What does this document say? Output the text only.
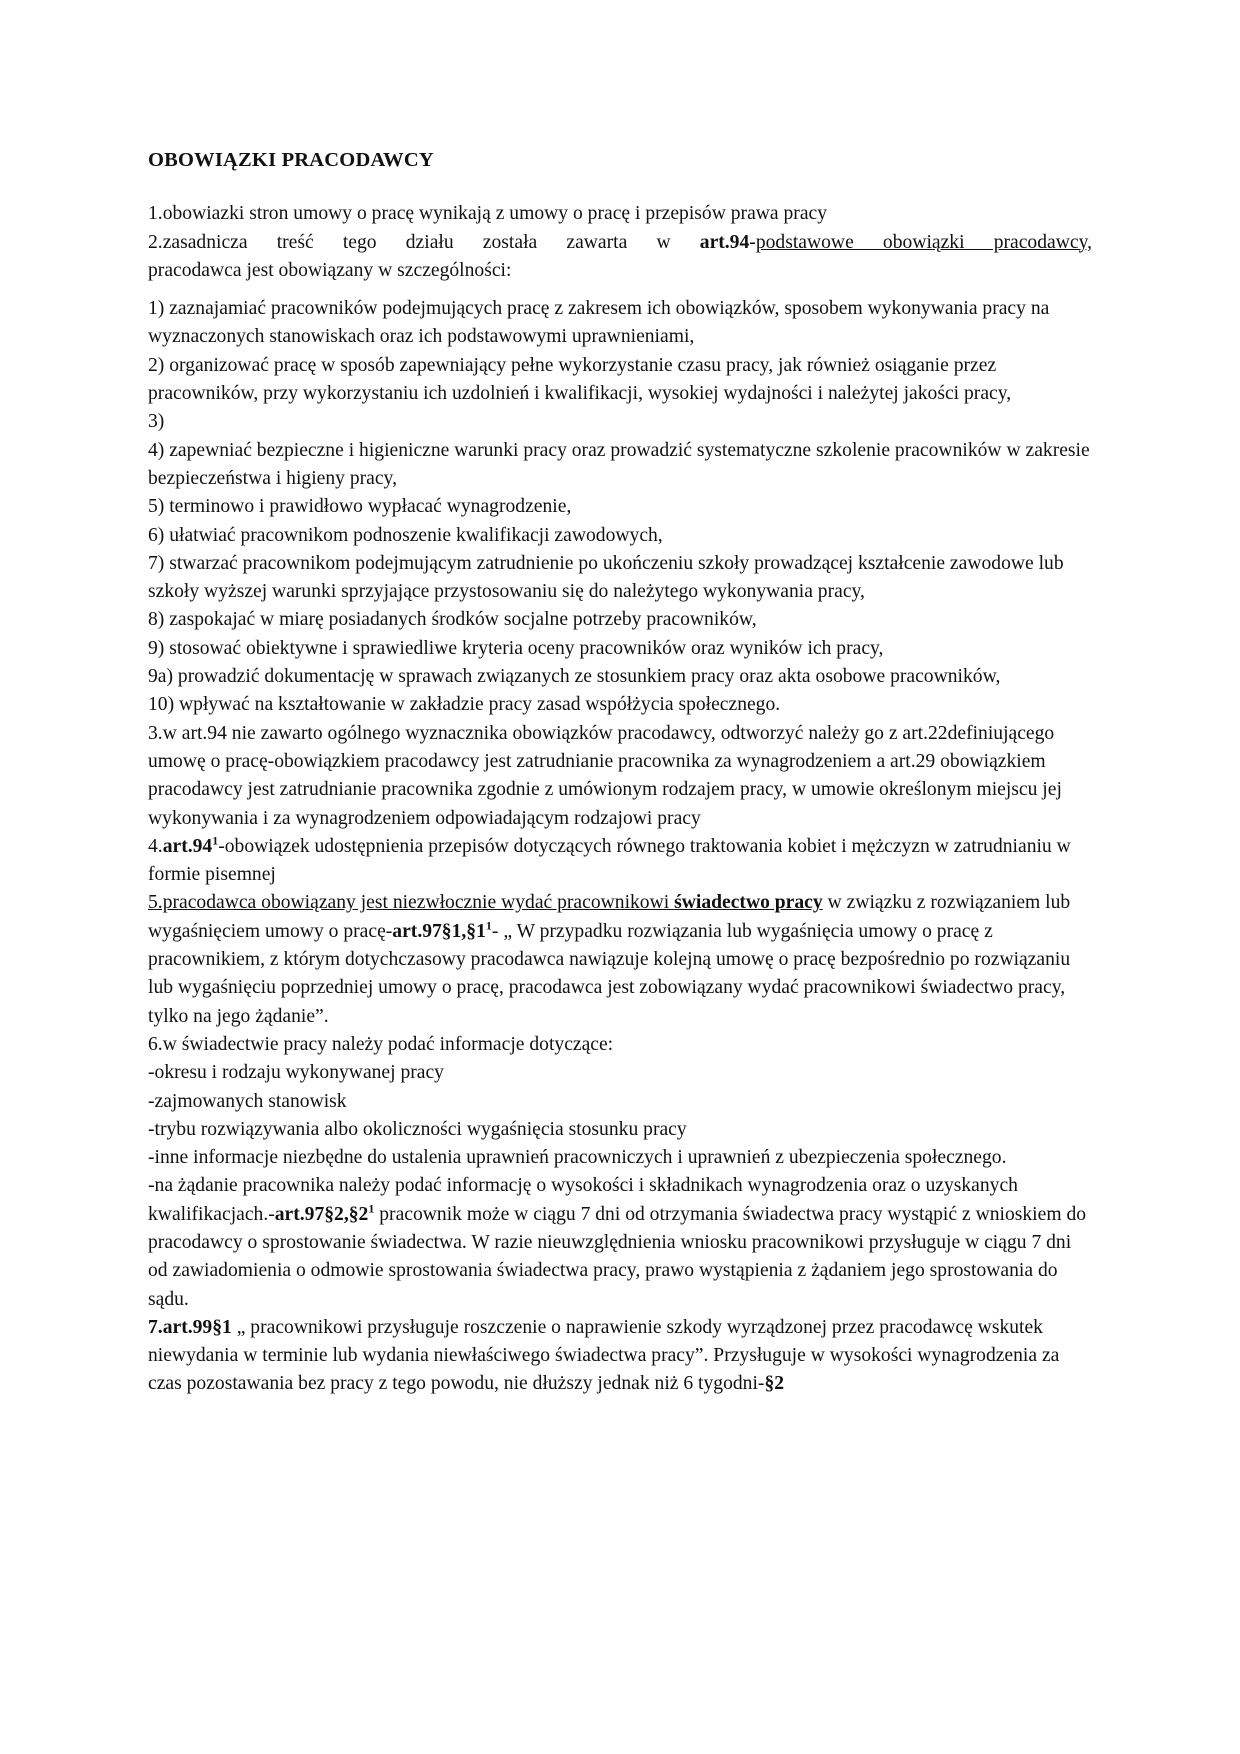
OBOWIĄZKI PRACODAWCY

1.obowiazki stron umowy o pracę wynikają z umowy o pracę i przepisów prawa pracy

2.zasadnicza treść tego działu została zawarta w art.94-podstawowe obowiązki pracodawcy,
pracodawca jest obowiązany w szczególności:

1) zaznajamiać pracowników podejmujących pracę z zakresem ich obowiązków, sposobem wykonywania pracy na wyznaczonych stanowiskach oraz ich podstawowymi uprawnieniami,

2) organizować pracę w sposób zapewniający pełne wykorzystanie czasu pracy, jak również osiąganie przez pracowników, przy wykorzystaniu ich uzdolnień i kwalifikacji, wysokiej wydajności i należytej jakości pracy,

3)

4) zapewniać bezpieczne i higieniczne warunki pracy oraz prowadzić systematyczne szkolenie pracowników w zakresie bezpieczeństwa i higieny pracy,

5) terminowo i prawidłowo wypłacać wynagrodzenie,

6) ułatwiać pracownikom podnoszenie kwalifikacji zawodowych,

7) stwarzać pracownikom podejmującym zatrudnienie po ukończeniu szkoły prowadzącej kształcenie zawodowe lub szkoły wyższej warunki sprzyjające przystosowaniu się do należytego wykonywania pracy,

8) zaspokajać w miarę posiadanych środków socjalne potrzeby pracowników,

9) stosować obiektywne i sprawiedliwe kryteria oceny pracowników oraz wyników ich pracy,

9a) prowadzić dokumentację w sprawach związanych ze stosunkiem pracy oraz akta osobowe pracowników,

10) wpływać na kształtowanie w zakładzie pracy zasad współżycia społecznego.

3.w art.94 nie zawarto ogólnego wyznacznika obowiązków pracodawcy, odtworzyć należy go z art.22definiującego umowę o pracę-obowiązkiem pracodawcy jest zatrudnianie pracownika za wynagrodzeniem a art.29 obowiązkiem pracodawcy jest zatrudnianie pracownika zgodnie z umówionym rodzajem pracy, w umowie określonym miejscu jej wykonywania i za wynagrodzeniem odpowiadającym rodzajowi pracy

$4.art.94^1$-obowiązek udostępnienia przepisów dotyczących równego traktowania kobiet i mężczyzn w zatrudnianiu w formie pisemnej

5.pracodawca obowiązany jest niezwłocznie wydać pracownikowi świadectwo pracy w związku z rozwiązaniem lub wygaśnięciem umowy o pracę-$art.97\S 1,\S 1^1-$ „ W przypadku rozwiązania lub wygaśnięcia umowy o pracę z pracownikiem, z którym dotychczasowy pracodawca nawiązuje kolejną umowę o pracę bezpośrednio po rozwiązaniu lub wygaśnięciu poprzedniej umowy o pracę, pracodawca jest zobowiązany wydać pracownikowi świadectwo pracy, tylko na jego żądanie”.

6.w świadectwie pracy należy podać informacje dotyczące:

-okresu i rodzaju wykonywanej pracy

-zajmowanych stanowisk

-trybu rozwiązywania albo okoliczności wygaśnięcia stosunku pracy

-inne informacje niezbędne do ustalenia uprawnień pracowniczych i uprawnień z ubezpieczenia społecznego.

-na żądanie pracownika należy podać informację o wysokości i składnikach wynagrodzenia oraz o uzyskanych $kwalifikacjach.-art.97\S 2,\S 2^1$ pracownik może w ciągu 7 dni od otrzymania świadectwa pracy wystąpić z wnioskiem do pracodawcy o sprostowanie świadectwa. W razie nieuwzględnienia wniosku pracownikowi przysługuje w ciągu 7 dni od zawiadomienia o odmowie sprostowania świadectwa pracy, prawo wystąpienia z żądaniem jego sprostowania do sądu.

7.art.99§1 „ pracownikowi przysługuje roszczenie o naprawienie szkody wyrządzonej przez pracodawcę wskutek niewydania w terminie lub wydania niewłaściwego świadectwa pracy”. Przysługuje w wysokości wynagrodzenia za czas pozostawania bez pracy z tego powodu, nie dłuższy jednak niż 6 tygodni-§2
